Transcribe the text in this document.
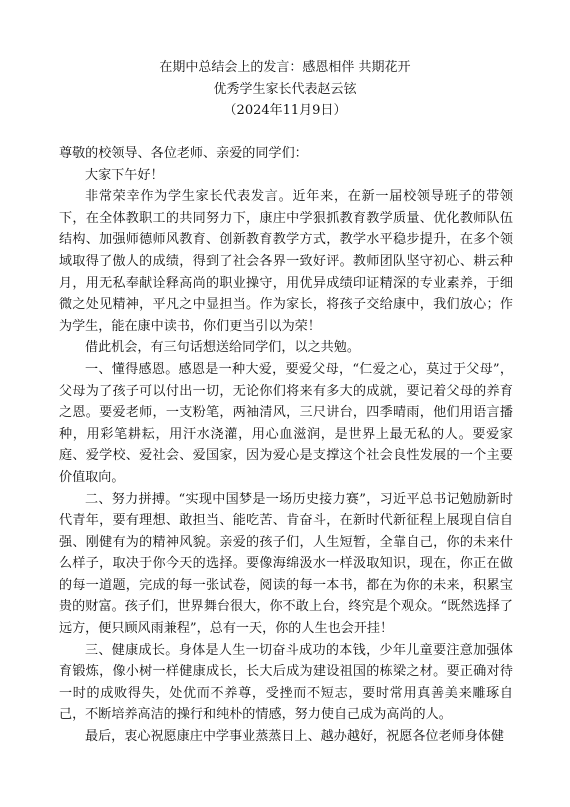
在期中总结会上的发言：感恩相伴 共期花开
优秀学生家长代表赵云铉
（2024年11月9日）

尊敬的校领导、各位老师、亲爱的同学们：

大家下午好！

非常荣幸作为学生家长代表发言。近年来，在新一届校领导班子的带领下，在全体教职工的共同努力下，康庄中学狠抓教育教学质量、优化教师队伍结构、加强师德师风教育、创新教育教学方式，教学水平稳步提升，在多个领域取得了傲人的成绩，得到了社会各界一致好评。教师团队坚守初心、耕云种月，用无私奉献诠释高尚的职业操守，用优异成绩印证精深的专业素养，于细微之处见精神，平凡之中显担当。作为家长，将孩子交给康中，我们放心；作为学生，能在康中读书，你们更当引以为荣！

借此机会，有三句话想送给同学们，以之共勉。

一、懂得感恩。感恩是一种大爱，要爱父母，“仁爱之心，莫过于父母”，父母为了孩子可以付出一切，无论你们将来有多大的成就，要记着父母的养育之恩。要爱老师，一支粉笔，两袖清风，三尺讲台，四季晴雨，他们用语言播种，用彩笔耕耘，用汗水浇灌，用心血滋润，是世界上最无私的人。要爱家庭、爱学校、爱社会、爱国家，因为爱心是支撑这个社会良性发展的一个主要价值取向。

二、努力拼搏。“实现中国梦是一场历史接力赛”，习近平总书记勉励新时代青年，要有理想、敢担当、能吃苦、肯奋斗，在新时代新征程上展现自信自强、刚健有为的精神风貌。亲爱的孩子们，人生短暂，全靠自己，你的未来什么样子，取决于你今天的选择。要像海绵汲水一样汲取知识，现在，你正在做的每一道题，完成的每一张试卷，阅读的每一本书，都在为你的未来，积累宝贵的财富。孩子们，世界舞台很大，你不敢上台，终究是个观众。“既然选择了远方，便只顾风雨兼程”，总有一天，你的人生也会开挂！

三、健康成长。身体是人生一切奋斗成功的本钱，少年儿童要注意加强体育锻炼，像小树一样健康成长，长大后成为建设祖国的栋梁之材。要正确对待一时的成败得失，处优而不养尊，受挫而不短志，要时常用真善美来雕琢自己，不断培养高洁的操行和纯朴的情感，努力使自己成为高尚的人。

最后，衷心祝愿康庄中学事业蒸蒸日上、越办越好，祝愿各位老师身体健
